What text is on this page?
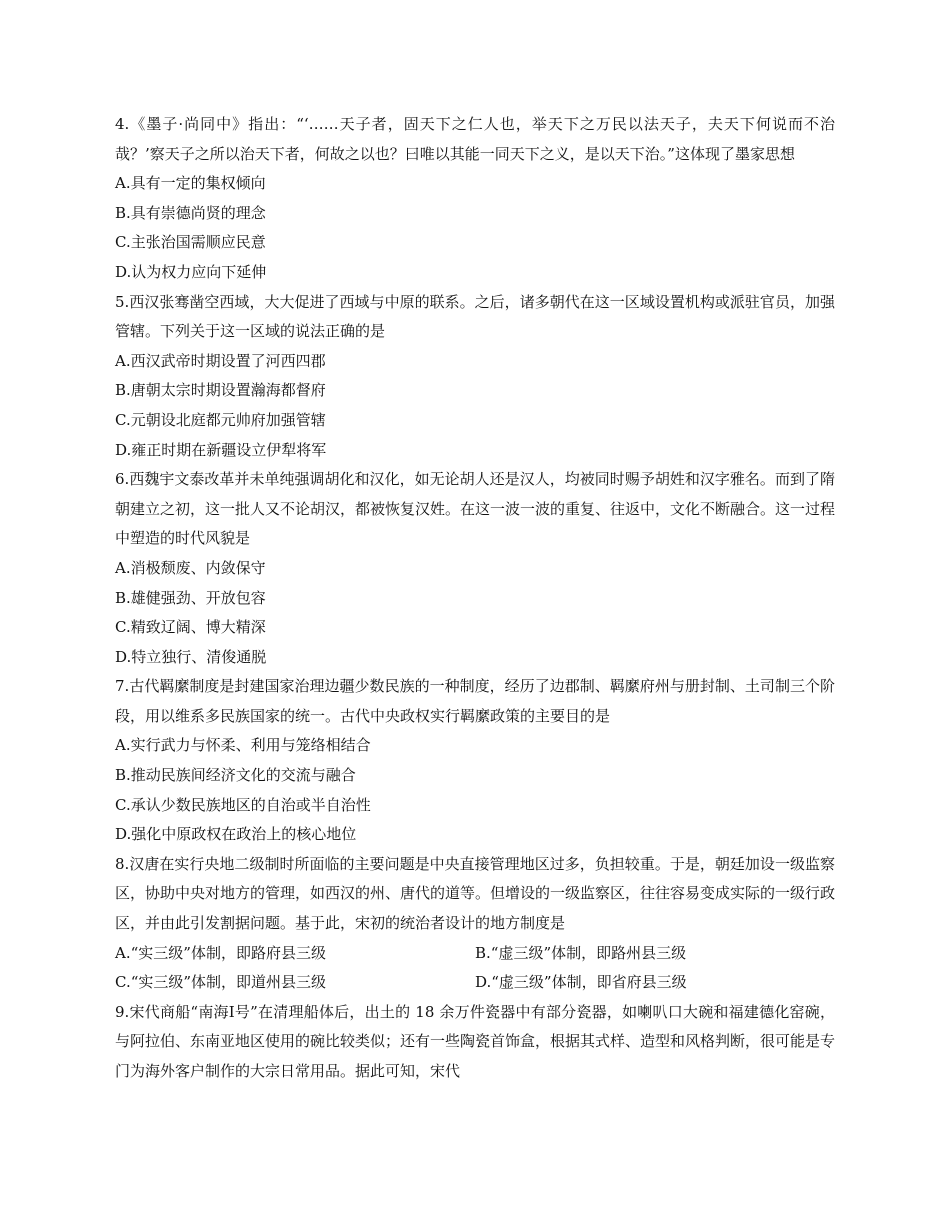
4.《墨子·尚同中》指出：“‘……天子者，固天下之仁人也，举天下之万民以法天子，夫天下何说而不治哉？’察天子之所以治天下者，何故之以也？曰唯以其能一同天下之义，是以天下治。”这体现了墨家思想
A.具有一定的集权倾向
B.具有崇德尚贤的理念
C.主张治国需顺应民意
D.认为权力应向下延伸
5.西汉张骞凿空西域，大大促进了西域与中原的联系。之后，诸多朝代在这一区域设置机构或派驻官员，加强管辖。下列关于这一区域的说法正确的是
A.西汉武帝时期设置了河西四郡
B.唐朝太宗时期设置瀚海都督府
C.元朝设北庭都元帅府加强管辖
D.雍正时期在新疆设立伊犁将军
6.西魏宇文泰改革并未单纯强调胡化和汉化，如无论胡人还是汉人，均被同时赐予胡姓和汉字雅名。而到了隋朝建立之初，这一批人又不论胡汉，都被恢复汉姓。在这一波一波的重复、往返中，文化不断融合。这一过程中塑造的时代风貌是
A.消极颓废、内敛保守
B.雄健强劲、开放包容
C.精致辽阔、博大精深
D.特立独行、清俊通脱
7.古代羁縻制度是封建国家治理边疆少数民族的一种制度，经历了边郡制、羁縻府州与册封制、土司制三个阶段，用以维系多民族国家的统一。古代中央政权实行羁縻政策的主要目的是
A.实行武力与怀柔、利用与笼络相结合
B.推动民族间经济文化的交流与融合
C.承认少数民族地区的自治或半自治性
D.强化中原政权在政治上的核心地位
8.汉唐在实行央地二级制时所面临的主要问题是中央直接管理地区过多，负担较重。于是，朝廷加设一级监察区，协助中央对地方的管理，如西汉的州、唐代的道等。但增设的一级监察区，往往容易变成实际的一级行政区，并由此引发割据问题。基于此，宋初的统治者设计的地方制度是
A.“实三级”体制，即路府县三级	B.“虚三级”体制，即路州县三级
C.“实三级”体制，即道州县三级	D.“虚三级”体制，即省府县三级
9.宋代商船“南海Ⅰ号”在清理船体后，出土的 18 余万件瓷器中有部分瓷器，如喇叭口大碗和福建德化窑碗，与阿拉伯、东南亚地区使用的碗比较类似；还有一些陶瓷首饰盒，根据其式样、造型和风格判断，很可能是专门为海外客户制作的大宗日常用品。据此可知，宋代
